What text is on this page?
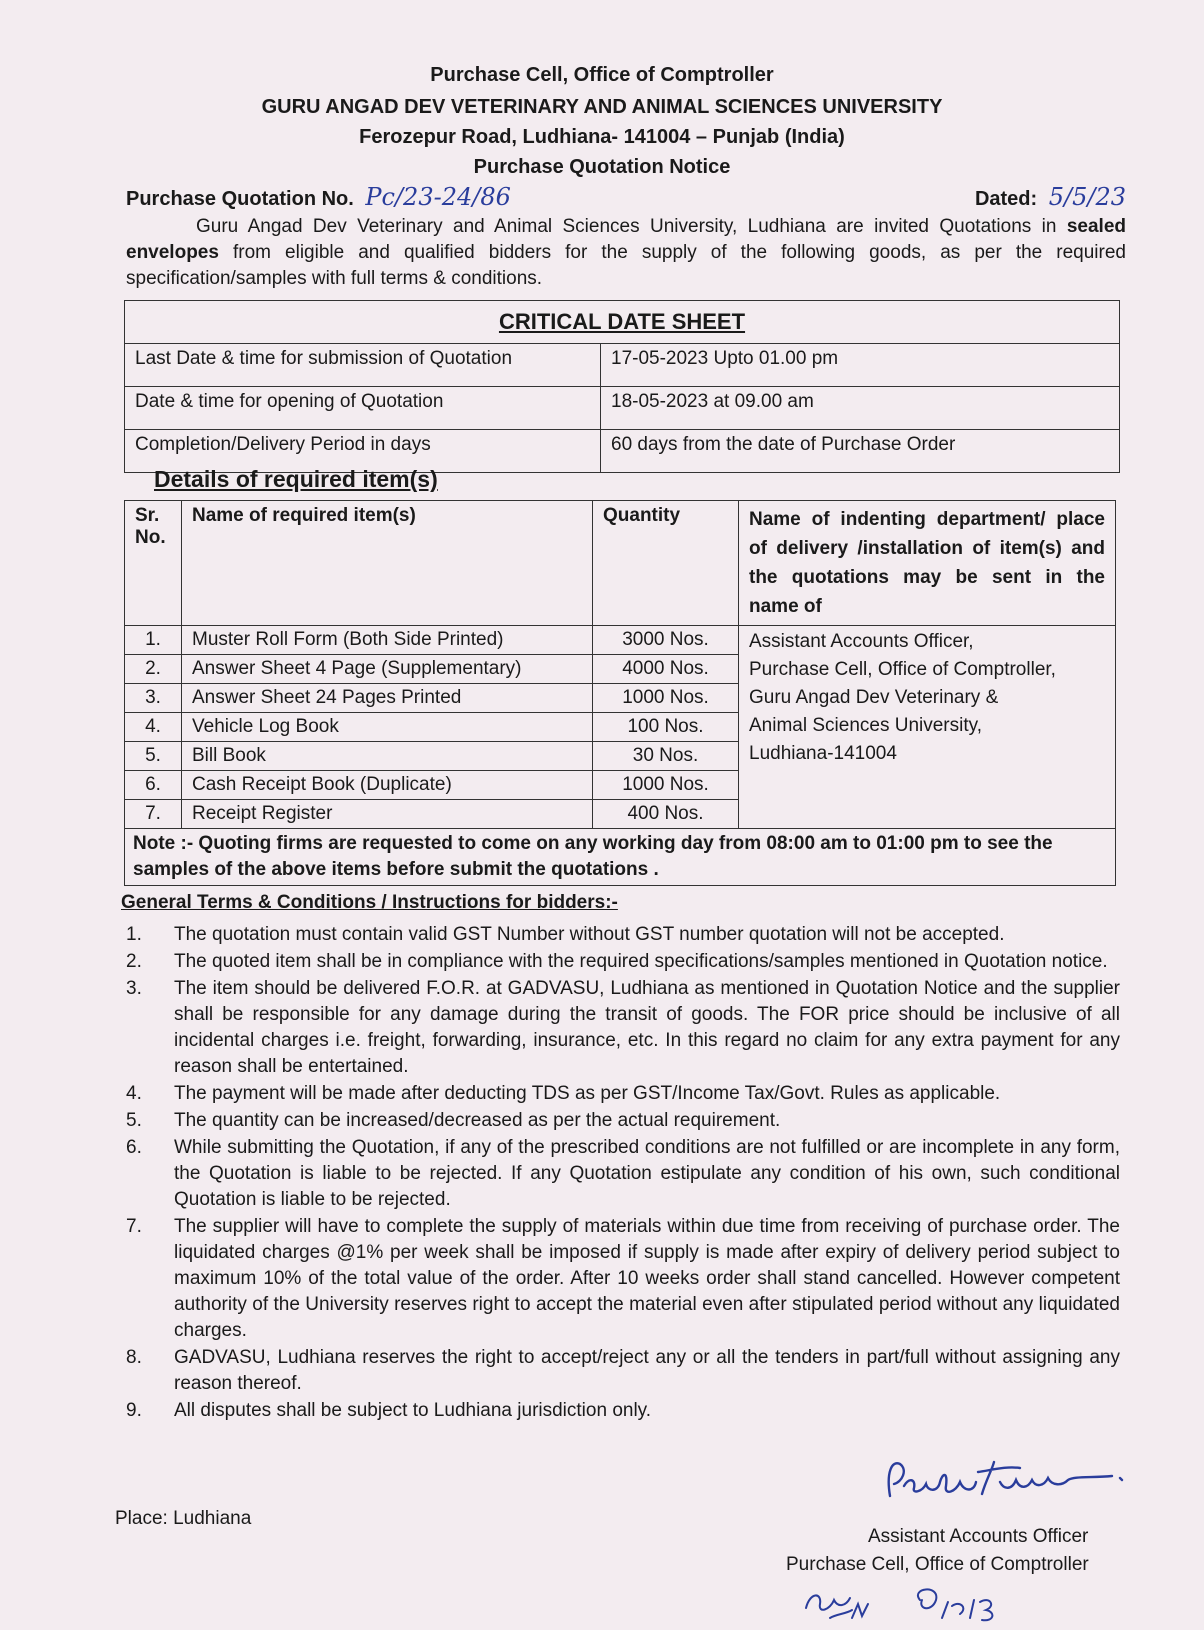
Purchase Cell, Office of Comptroller
GURU ANGAD DEV VETERINARY AND ANIMAL SCIENCES UNIVERSITY
Ferozepur Road, Ludhiana- 141004 – Punjab (India)
Purchase Quotation Notice
Purchase Quotation No. Pc/23-24/86	Dated: 5/5/23
Guru Angad Dev Veterinary and Animal Sciences University, Ludhiana are invited Quotations in sealed envelopes from eligible and qualified bidders for the supply of the following goods, as per the required specification/samples with full terms & conditions.
CRITICAL DATE SHEET	
Last Date & time for submission of Quotation	17-05-2023 Upto 01.00 pm
Date & time for opening of Quotation	18-05-2023 at 09.00 am
Completion/Delivery Period in days	60 days from the date of Purchase Order
Details of required item(s)
Sr. No.	Name of required item(s)	Quantity	Name of indenting department/ place of delivery /installation of item(s) and the quotations may be sent in the name of
1.	Muster Roll Form (Both Side Printed)	3000 Nos.	Assistant Accounts Officer,
Purchase Cell, Office of Comptroller,
Guru Angad Dev Veterinary &
Animal Sciences University,
Ludhiana-141004

2.	Answer Sheet 4 Page (Supplementary)	4000 Nos.	
3.	Answer Sheet 24 Pages Printed	1000 Nos.	
4.	Vehicle Log Book	100 Nos.	
5.	Bill Book	30 Nos.	
6.	Cash Receipt Book (Duplicate)	1000 Nos.	
7.	Receipt Register	400 Nos.	
Note :- Quoting firms are requested to come on any working day from 08:00 am to 01:00 pm to see the samples of the above items before submit the quotations .			
General Terms & Conditions / Instructions for bidders:-
1. The quotation must contain valid GST Number without GST number quotation will not be accepted.
2. The quoted item shall be in compliance with the required specifications/samples mentioned in Quotation notice.
3. The item should be delivered F.O.R. at GADVASU, Ludhiana as mentioned in Quotation Notice and the supplier shall be responsible for any damage during the transit of goods. The FOR price should be inclusive of all incidental charges i.e. freight, forwarding, insurance, etc. In this regard no claim for any extra payment for any reason shall be entertained.
4. The payment will be made after deducting TDS as per GST/Income Tax/Govt. Rules as applicable.
5. The quantity can be increased/decreased as per the actual requirement.
6. While submitting the Quotation, if any of the prescribed conditions are not fulfilled or are incomplete in any form, the Quotation is liable to be rejected. If any Quotation estipulate any condition of his own, such conditional Quotation is liable to be rejected.
7. The supplier will have to complete the supply of materials within due time from receiving of purchase order. The liquidated charges @1% per week shall be imposed if supply is made after expiry of delivery period subject to maximum 10% of the total value of the order. After 10 weeks order shall stand cancelled. However competent authority of the University reserves right to accept the material even after stipulated period without any liquidated charges.
8. GADVASU, Ludhiana reserves the right to accept/reject any or all the tenders in part/full without assigning any reason thereof.
9. All disputes shall be subject to Ludhiana jurisdiction only.
Place: Ludhiana
Assistant Accounts Officer
Purchase Cell, Office of Comptroller
